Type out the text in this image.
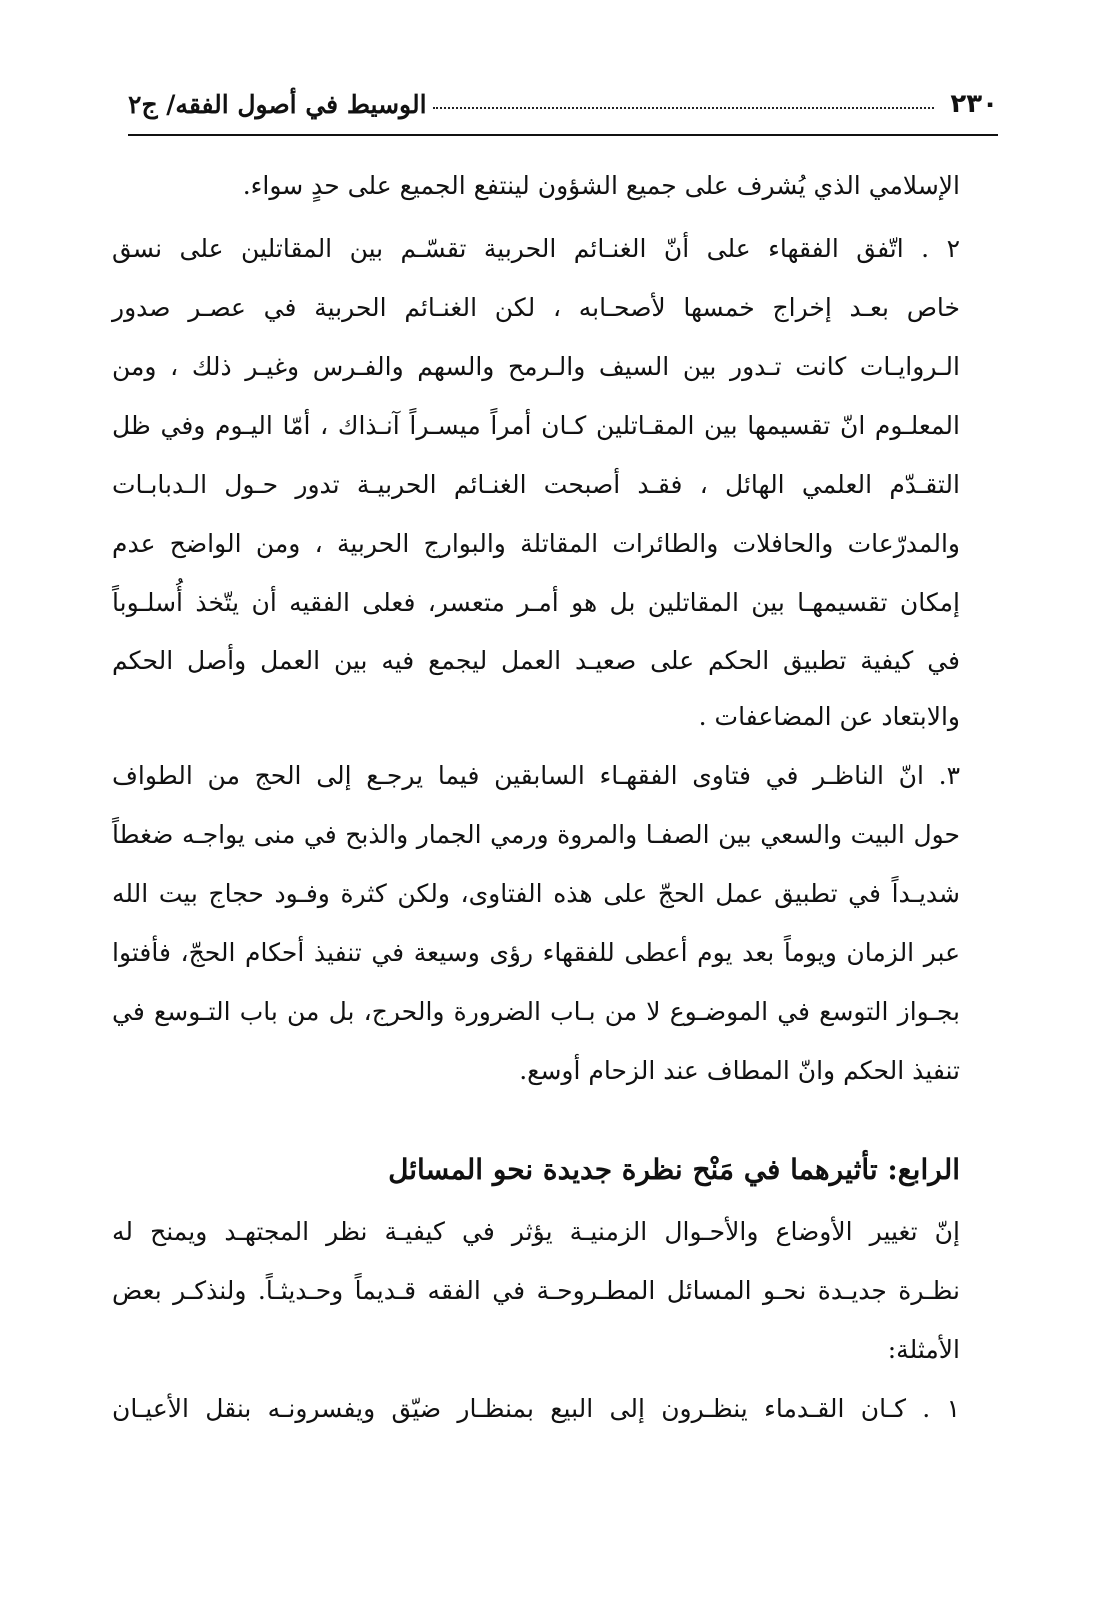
٢٣٠
الوسيط في أصول الفقه/ ج٢
الإسلامي الذي يُشرف على جميع الشؤون لينتفع الجميع على حدٍ سواء.
٢ . اتّفق الفقهاء على أنّ الغنـائم الحربية تقسّـم بين المقاتلين على نسق
خاص بعـد إخراج خمسها لأصحـابه ، لكن الغنـائم الحربية في عصـر صدور
الـروايـات كانت تـدور بين السيف والـرمح والسهم والفـرس وغيـر ذلك ، ومن
المعلـوم انّ تقسيمها بين المقـاتلين كـان أمراً ميسـراً آنـذاك ، أمّا اليـوم وفي ظل
التقـدّم العلمي الهائل ، فقـد أصبحت الغنـائم الحربيـة تدور حـول الـدبابـات
والمدرّعات والحافلات والطائرات المقاتلة والبوارج الحربية ، ومن الواضح عدم
إمكان تقسيمهـا بين المقاتلين بل هو أمـر متعسر، فعلى الفقيه أن يتّخذ أُسلـوباً
في كيفية تطبيق الحكم على صعيـد العمل ليجمع فيه بين العمل وأصل الحكم
والابتعاد عن المضاعفات .
٣. انّ الناظـر في فتاوى الفقهـاء السابقين فيما يرجـع إلى الحج من الطواف
حول البيت والسعي بين الصفـا والمروة ورمي الجمار والذبح في منى يواجـه ضغطاً
شديـداً في تطبيق عمل الحجّ على هذه الفتاوى، ولكن كثرة وفـود حجاج بيت الله
عبر الزمان ويوماً بعد يوم أعطى للفقهاء رؤى وسيعة في تنفيذ أحكام الحجّ، فأفتوا
بجـواز التوسع في الموضـوع لا من بـاب الضرورة والحرج، بل من باب التـوسع في
تنفيذ الحكم وانّ المطاف عند الزحام أوسع.
الرابع: تأثيرهما في مَنْح نظرة جديدة نحو المسائل
إنّ تغيير الأوضاع والأحـوال الزمنيـة يؤثر في كيفيـة نظر المجتهـد ويمنح له
نظـرة جديـدة نحـو المسائل المطـروحـة في الفقه قـديماً وحـديثـاً. ولنذكـر بعض
الأمثلة:
١ . كـان القـدماء ينظـرون إلى البيع بمنظـار ضيّق ويفسرونـه بنقل الأعيـان
